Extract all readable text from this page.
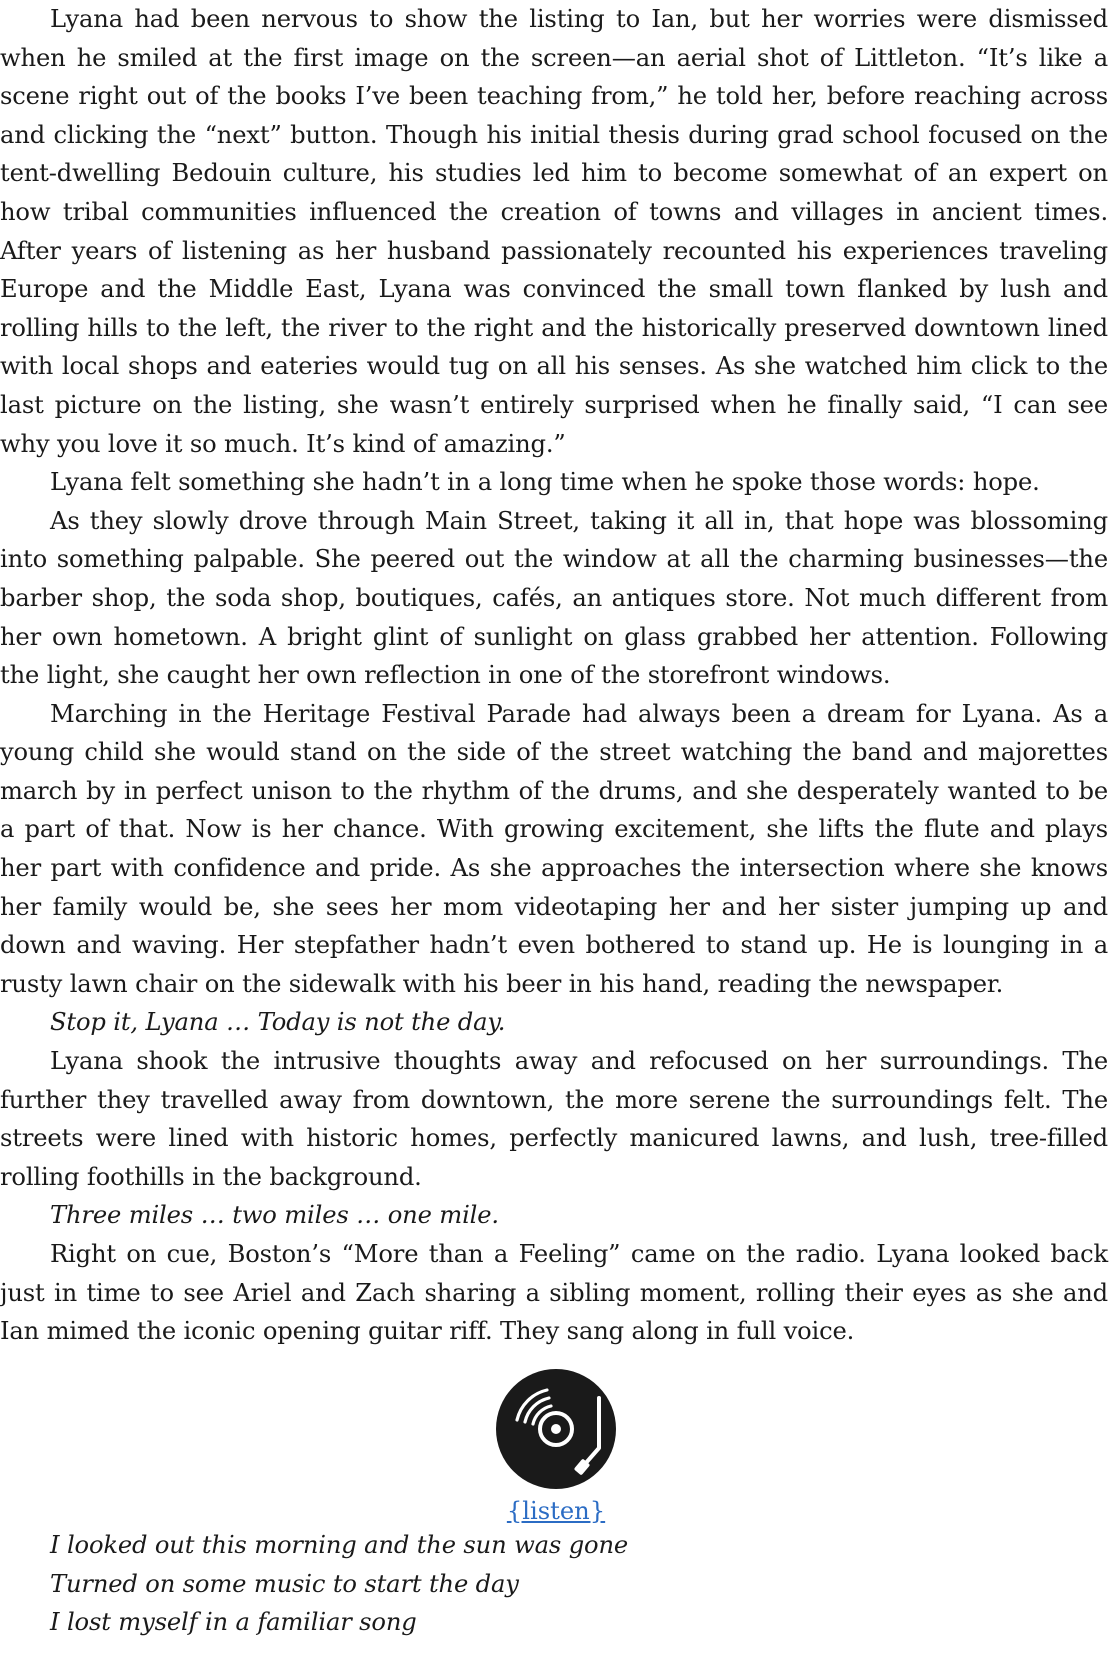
Lyana had been nervous to show the listing to Ian, but her worries were dismissed when he smiled at the first image on the screen—an aerial shot of Littleton. “It’s like a scene right out of the books I’ve been teaching from,” he told her, before reaching across and clicking the “next” button. Though his initial thesis during grad school focused on the tent-dwelling Bedouin culture, his studies led him to become somewhat of an expert on how tribal communities influenced the creation of towns and villages in ancient times. After years of listening as her husband passionately recounted his experiences traveling Europe and the Middle East, Lyana was convinced the small town flanked by lush and rolling hills to the left, the river to the right and the historically preserved downtown lined with local shops and eateries would tug on all his senses. As she watched him click to the last picture on the listing, she wasn’t entirely surprised when he finally said, “I can see why you love it so much. It’s kind of amazing.”

Lyana felt something she hadn’t in a long time when he spoke those words: hope.

As they slowly drove through Main Street, taking it all in, that hope was blossoming into something palpable. She peered out the window at all the charming businesses—the barber shop, the soda shop, boutiques, cafés, an antiques store. Not much different from her own hometown. A bright glint of sunlight on glass grabbed her attention. Following the light, she caught her own reflection in one of the storefront windows.

Marching in the Heritage Festival Parade had always been a dream for Lyana. As a young child she would stand on the side of the street watching the band and majorettes march by in perfect unison to the rhythm of the drums, and she desperately wanted to be a part of that. Now is her chance. With growing excitement, she lifts the flute and plays her part with confidence and pride. As she approaches the intersection where she knows her family would be, she sees her mom videotaping her and her sister jumping up and down and waving. Her stepfather hadn’t even bothered to stand up. He is lounging in a rusty lawn chair on the sidewalk with his beer in his hand, reading the newspaper.

Stop it, Lyana … Today is not the day.

Lyana shook the intrusive thoughts away and refocused on her surroundings. The further they travelled away from downtown, the more serene the surroundings felt. The streets were lined with historic homes, perfectly manicured lawns, and lush, tree-filled rolling foothills in the background.

Three miles … two miles … one mile.

Right on cue, Boston’s “More than a Feeling” came on the radio. Lyana looked back just in time to see Ariel and Zach sharing a sibling moment, rolling their eyes as she and Ian mimed the iconic opening guitar riff. They sang along in full voice.

{listen}

I looked out this morning and the sun was gone

Turned on some music to start the day

I lost myself in a familiar song
